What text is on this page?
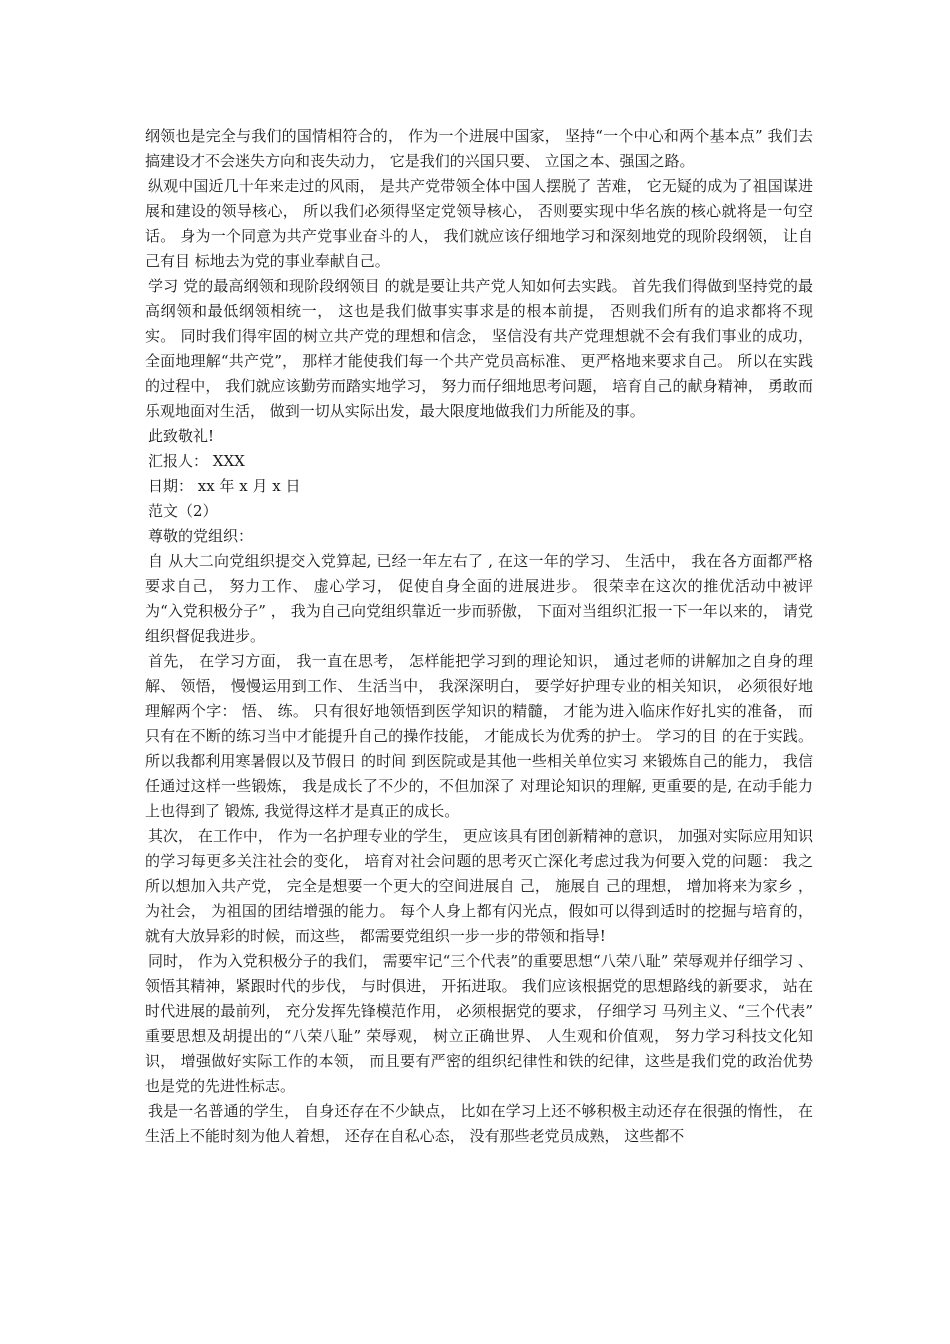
纲领也是完全与我们的国情相符合的， 作为一个进展中国家， 坚持“一个中心和两个基本点” 我们去搞建设才不会迷失方向和丧失动力， 它是我们的兴国只要、 立国之本、强国之路。

纵观中国近几十年来走过的风雨， 是共产党带领全体中国人摆脱了 苦难， 它无疑的成为了祖国谋进展和建设的领导核心， 所以我们必须得坚定党领导核心， 否则要实现中华名族的核心就将是一句空话。 身为一个同意为共产党事业奋斗的人， 我们就应该仔细地学习和深刻地党的现阶段纲领， 让自己有目 标地去为党的事业奉献自己。

学习 党的最高纲领和现阶段纲领目 的就是要让共产党人知如何去实践。 首先我们得做到坚持党的最高纲领和最低纲领相统一， 这也是我们做事实事求是的根本前提， 否则我们所有的追求都将不现实。 同时我们得牢固的树立共产党的理想和信念， 坚信没有共产党理想就不会有我们事业的成功，全面地理解“共产党”， 那样才能使我们每一个共产党员高标准、 更严格地来要求自己。 所以在实践的过程中， 我们就应该勤劳而踏实地学习， 努力而仔细地思考问题， 培育自己的献身精神， 勇敢而乐观地面对生活， 做到一切从实际出发，最大限度地做我们力所能及的事。

此致敬礼!

汇报人： XXX

日期： xx 年 x 月 x 日

范文（2）

尊敬的党组织：

自 从大二向党组织提交入党算起, 已经一年左右了 , 在这一年的学习、 生活中， 我在各方面都严格要求自己， 努力工作、 虚心学习， 促使自身全面的进展进步。 很荣幸在这次的推优活动中被评为“入党积极分子” ， 我为自己向党组织靠近一步而骄傲， 下面对当组织汇报一下一年以来的， 请党组织督促我进步。

首先， 在学习方面， 我一直在思考， 怎样能把学习到的理论知识， 通过老师的讲解加之自身的理解、 领悟， 慢慢运用到工作、 生活当中， 我深深明白， 要学好护理专业的相关知识， 必须很好地理解两个字： 悟、 练。 只有很好地领悟到医学知识的精髓， 才能为进入临床作好扎实的准备， 而只有在不断的练习当中才能提升自己的操作技能， 才能成长为优秀的护士。 学习的目 的在于实践。 所以我都利用寒暑假以及节假日 的时间 到医院或是其他一些相关单位实习 来锻炼自己的能力， 我信任通过这样一些锻炼， 我是成长了不少的，不但加深了 对理论知识的理解, 更重要的是, 在动手能力 上也得到了 锻炼, 我觉得这样才是真正的成长。

其次， 在工作中， 作为一名护理专业的学生， 更应该具有团创新精神的意识， 加强对实际应用知识的学习每更多关注社会的变化， 培育对社会问题的思考灭亡深化考虑过我为何要入党的问题： 我之所以想加入共产党， 完全是想要一个更大的空间进展自 己， 施展自 己的理想， 增加将来为家乡 ，为社会， 为祖国的团结增强的能力。 每个人身上都有闪光点，假如可以得到适时的挖掘与培育的， 就有大放异彩的时候，而这些， 都需要党组织一步一步的带领和指导!

同时， 作为入党积极分子的我们， 需要牢记“三个代表”的重要思想“八荣八耻” 荣辱观并仔细学习 、 领悟其精神，紧跟时代的步伐， 与时俱进， 开拓进取。 我们应该根据党的思想路线的新要求， 站在时代进展的最前列， 充分发挥先锋模范作用， 必须根据党的要求， 仔细学习 马列主义、“三个代表” 重要思想及胡提出的“八荣八耻” 荣辱观， 树立正确世界、 人生观和价值观， 努力学习科技文化知识， 增强做好实际工作的本领， 而且要有严密的组织纪律性和铁的纪律，这些是我们党的政治优势也是党的先进性标志。

我是一名普通的学生， 自身还存在不少缺点， 比如在学习上还不够积极主动还存在很强的惰性， 在生活上不能时刻为他人着想， 还存在自私心态， 没有那些老党员成熟， 这些都不
